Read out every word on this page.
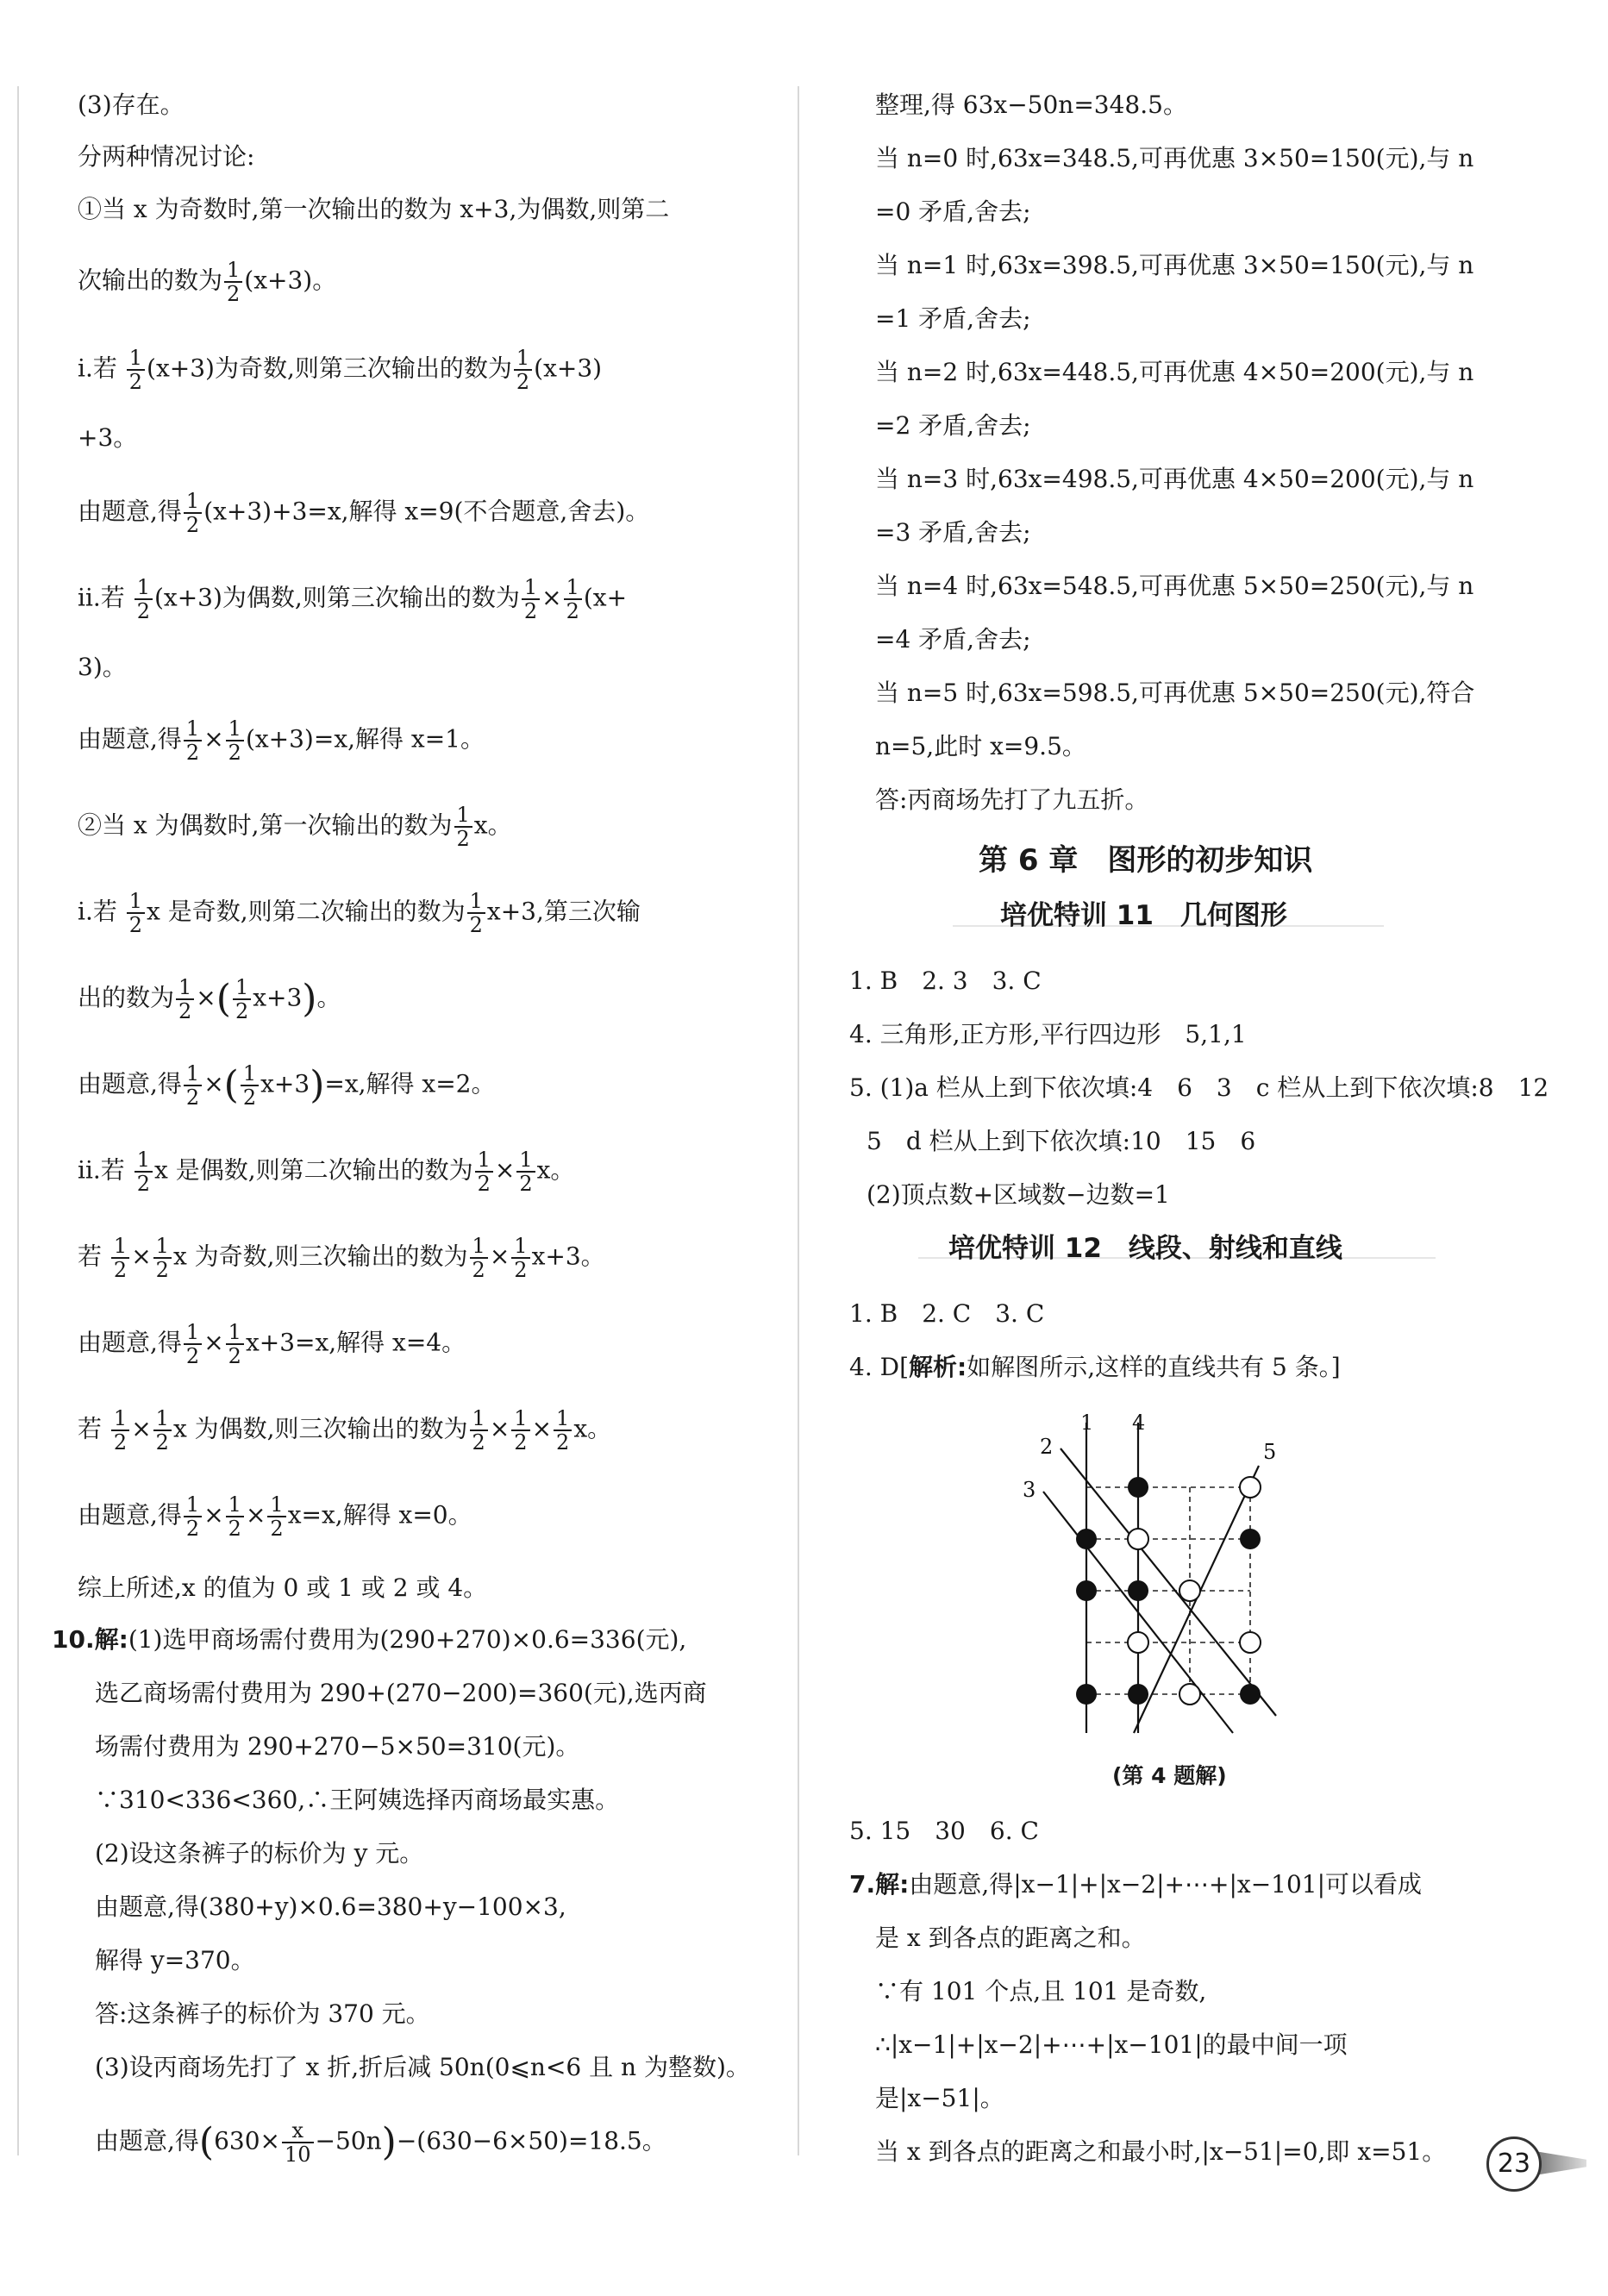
(3)存在。
分两种情况讨论:
①当 x 为奇数时,第一次输出的数为 x+3,为偶数,则第二
次输出的数为 $\frac{1}{2} (x+3)$。
ⅰ.若 $\frac{1}{2} (x+3)$为奇数,则第三次输出的数为 $\frac{1}{2} (x+3)$
+3。
由题意,得 $\frac{1}{2} (x+3)+3=x$,解得 x=9(不合题意,舍去)。
ⅱ.若 $\frac{1}{2} (x+3)$为偶数,则第三次输出的数为 $\frac{1}{2} \times \frac{1}{2} (x+$
3)。
由题意,得 $\frac{1}{2} \times \frac{1}{2} (x+3)=x$,解得 x=1。
②当 x 为偶数时,第一次输出的数为 $\frac{1}{2}$ x。
ⅰ.若 $\frac{1}{2}$ x 是奇数,则第二次输出的数为 $\frac{1}{2} x+3$,第三次输
出的数为 $\frac{1}{2}$ ×( $\frac{1}{2} x+3$)。
由题意,得 $\frac{1}{2}$ ×( $\frac{1}{2} x+3)=x$,解得 x=2。
ⅱ.若 $\frac{1}{2}$ x 是偶数,则第二次输出的数为 $\frac{1}{2} \times \frac{1}{2}$ x。
若 $\frac{1}{2} \times \frac{1}{2}$ x 为奇数,则三次输出的数为 $\frac{1}{2} \times \frac{1}{2} x+3$。
由题意,得 $\frac{1}{2} \times \frac{1}{2} x+3=x$,解得 x=4。
若 $\frac{1}{2} \times \frac{1}{2}$ x 为偶数,则三次输出的数为 $\frac{1}{2} \times \frac{1}{2} \times \frac{1}{2}$ x。
由题意,得 $\frac{1}{2} \times \frac{1}{2} \times \frac{1}{2} x=x$,解得 x=0。
综上所述,x 的值为 0 或 1 或 2 或 4。
10.解:(1)选甲商场需付费用为(290+270)×0.6=336(元),
选乙商场需付费用为 290+(270−200)=360(元),选丙商
场需付费用为 290+270−5×50=310(元)。
∵310<336<360,∴王阿姨选择丙商场最实惠。
(2)设这条裤子的标价为 y 元。
由题意,得(380+y)×0.6=380+y−100×3,
解得 y=370。
答:这条裤子的标价为 370 元。
(3)设丙商场先打了 x 折,折后减 50n(0⩽n<6 且 n 为整数)。
由题意,得$(630\times \frac{x}{10} -50n)-(630-6\times 50)=18.5$。
整理,得 63x−50n=348.5。
当 n=0 时,63x=348.5,可再优惠 3×50=150(元),与 n
=0 矛盾,舍去;
当 n=1 时,63x=398.5,可再优惠 3×50=150(元),与 n
=1 矛盾,舍去;
当 n=2 时,63x=448.5,可再优惠 4×50=200(元),与 n
=2 矛盾,舍去;
当 n=3 时,63x=498.5,可再优惠 4×50=200(元),与 n
=3 矛盾,舍去;
当 n=4 时,63x=548.5,可再优惠 5×50=250(元),与 n
=4 矛盾,舍去;
当 n=5 时,63x=598.5,可再优惠 5×50=250(元),符合
n=5,此时 x=9.5。
答:丙商场先打了九五折。
第 6 章　图形的初步知识
培优特训 11　几何图形
1. B　2. 3　3. C
4. 三角形,正方形,平行四边形　5,1,1
5. (1)a 栏从上到下依次填:4　6　3　c 栏从上到下依次填:8　12
5　d 栏从上到下依次填:10　15　6
(2)顶点数+区域数−边数=1
培优特训 12　线段、射线和直线
1. B　2. C　3. C
4. D[解析:如解图所示,这样的直线共有 5 条。]
5. 15　30　6. C
7.解:由题意,得|x−1|+|x−2|+⋯+|x−101|可以看成
是 x 到各点的距离之和。
∵有 101 个点,且 101 是奇数,
∴|x−1|+|x−2|+⋯+|x−101|的最中间一项
是|x−51|。
当 x 到各点的距离之和最小时,|x−51|=0,即 x=51。
1 4
2	5
3
(第 4 题解)
23
